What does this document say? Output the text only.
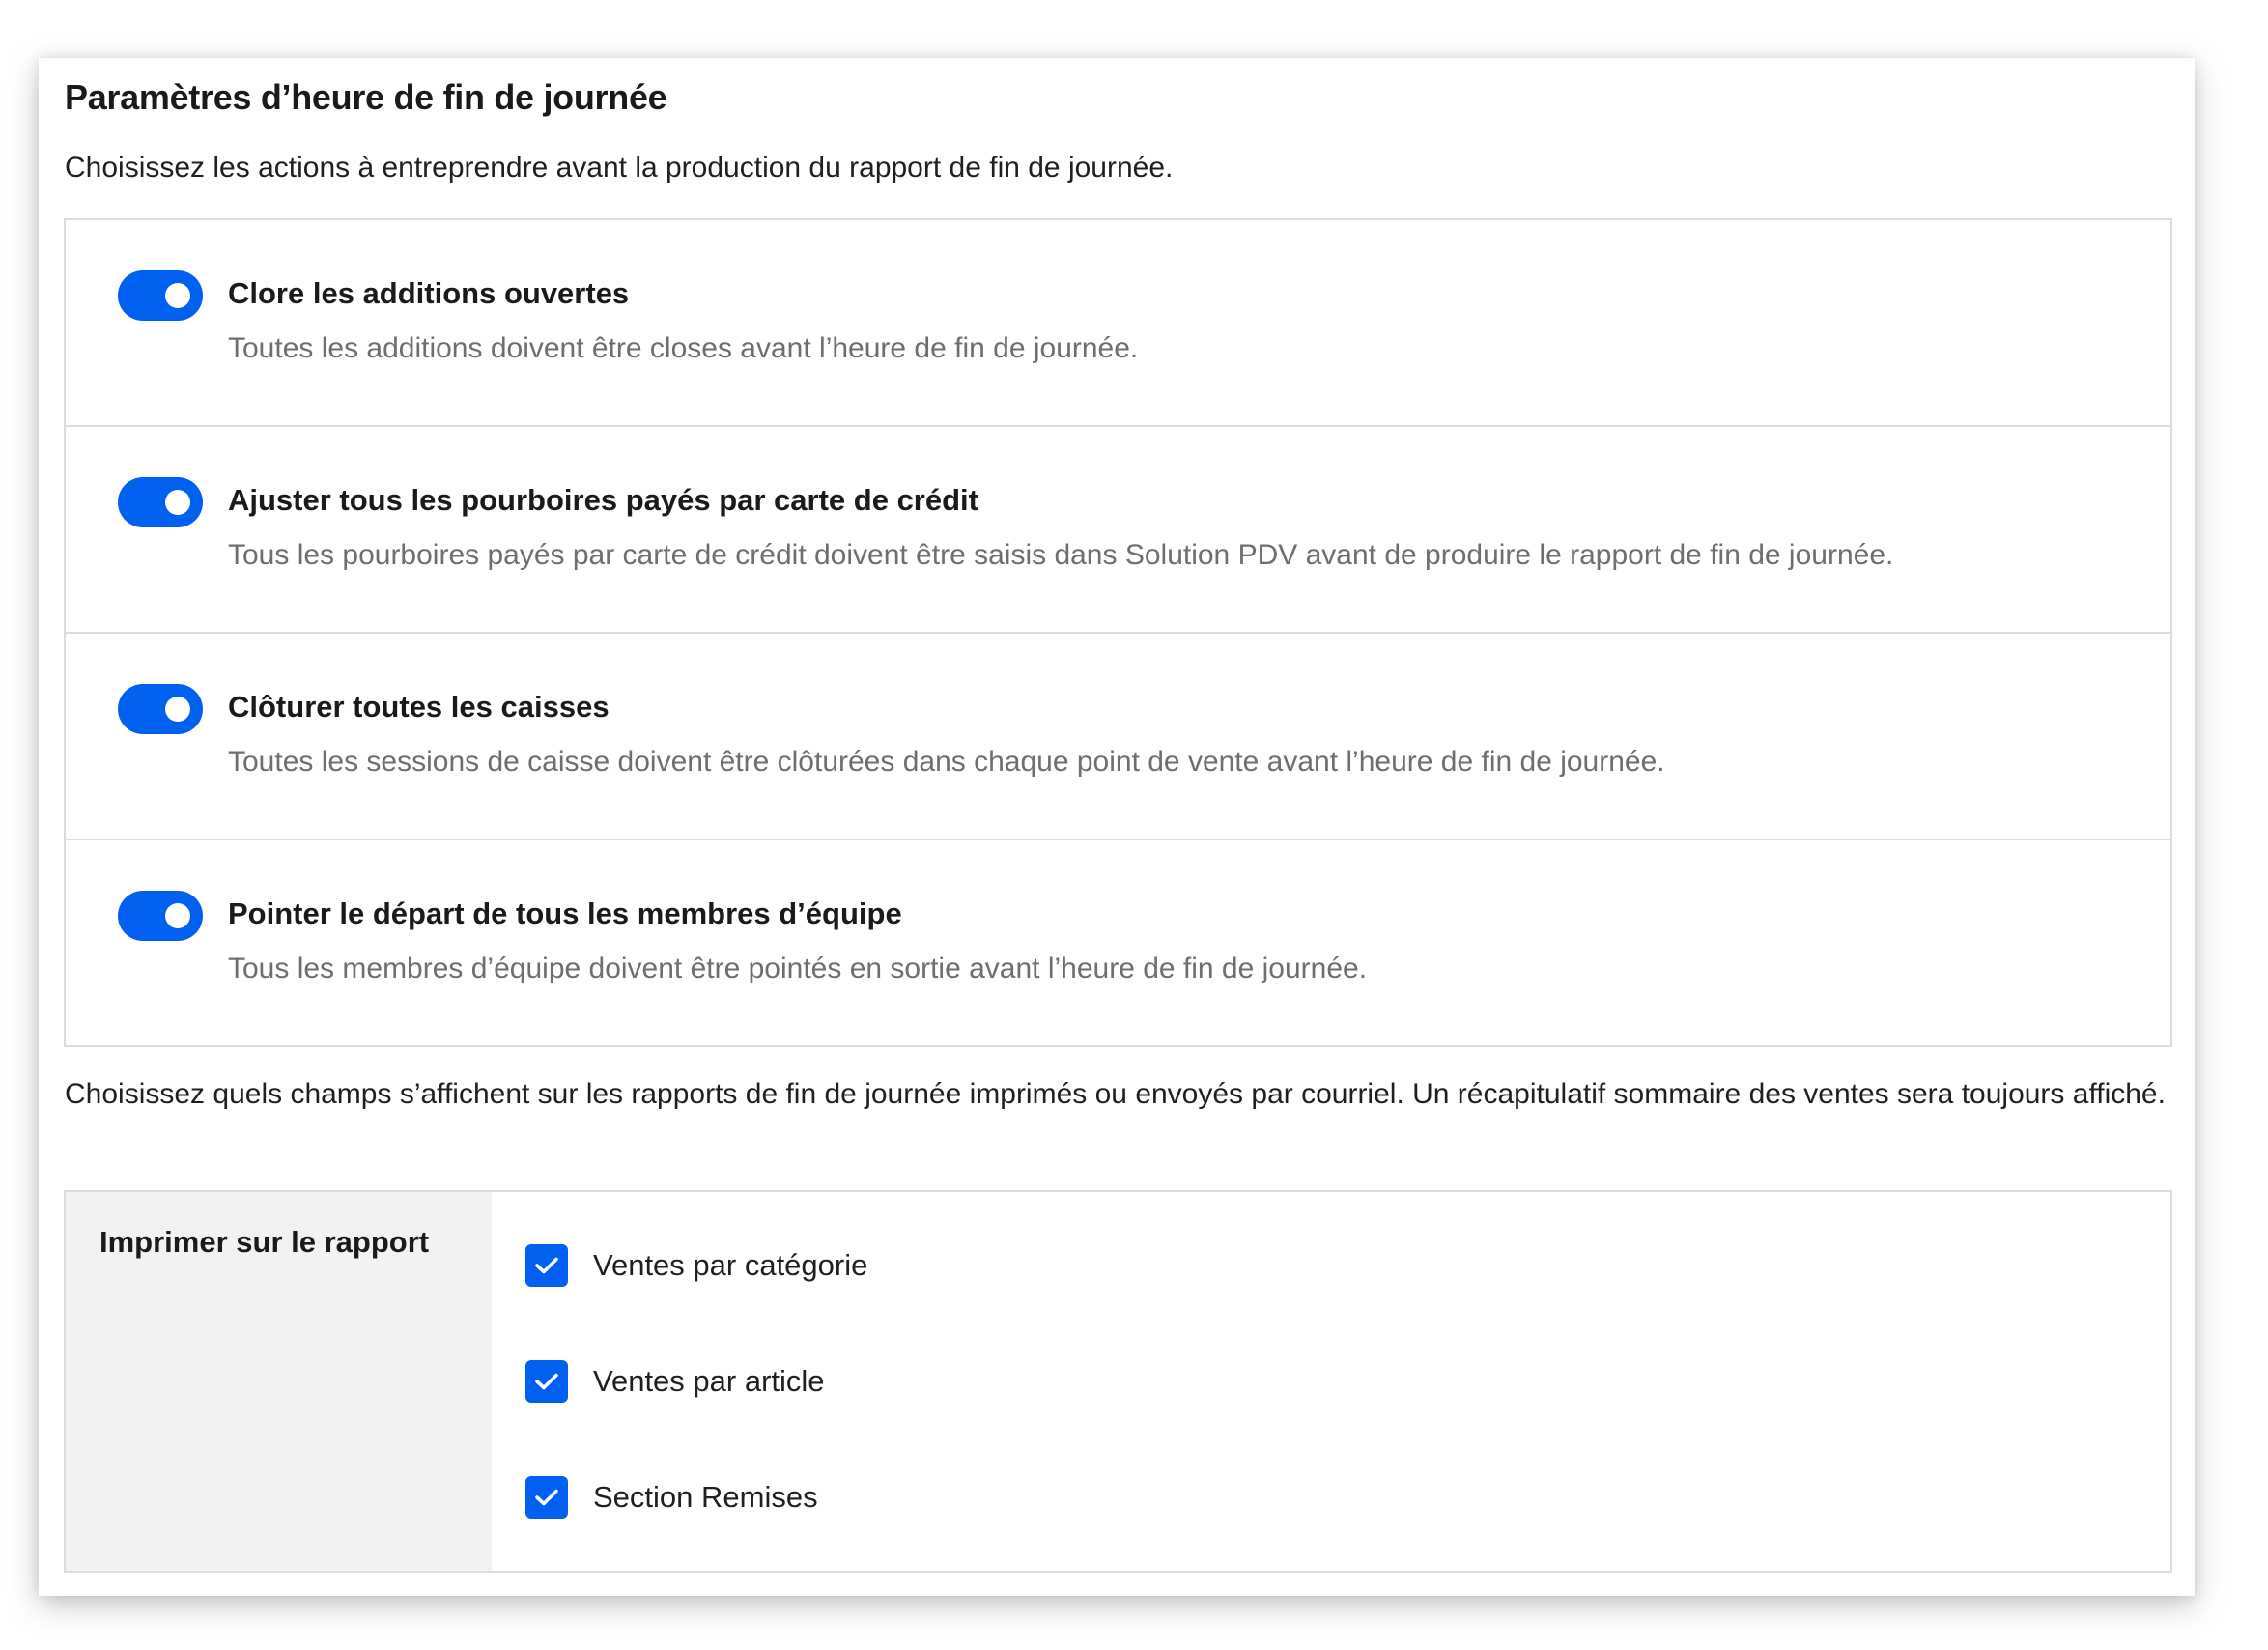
Paramètres d’heure de fin de journée

Choisissez les actions à entreprendre avant la production du rapport de fin de journée.

Clore les additions ouvertes
Toutes les additions doivent être closes avant l’heure de fin de journée.
Ajuster tous les pourboires payés par carte de crédit
Tous les pourboires payés par carte de crédit doivent être saisis dans Solution PDV avant de produire le rapport de fin de journée.
Clôturer toutes les caisses
Toutes les sessions de caisse doivent être clôturées dans chaque point de vente avant l’heure de fin de journée.
Pointer le départ de tous les membres d’équipe
Tous les membres d’équipe doivent être pointés en sortie avant l’heure de fin de journée.

Choisissez quels champs s’affichent sur les rapports de fin de journée imprimés ou envoyés par courriel. Un récapitulatif sommaire des ventes sera toujours affiché.

Imprimer sur le rapport
Ventes par catégorie
Ventes par article
Section Remises
